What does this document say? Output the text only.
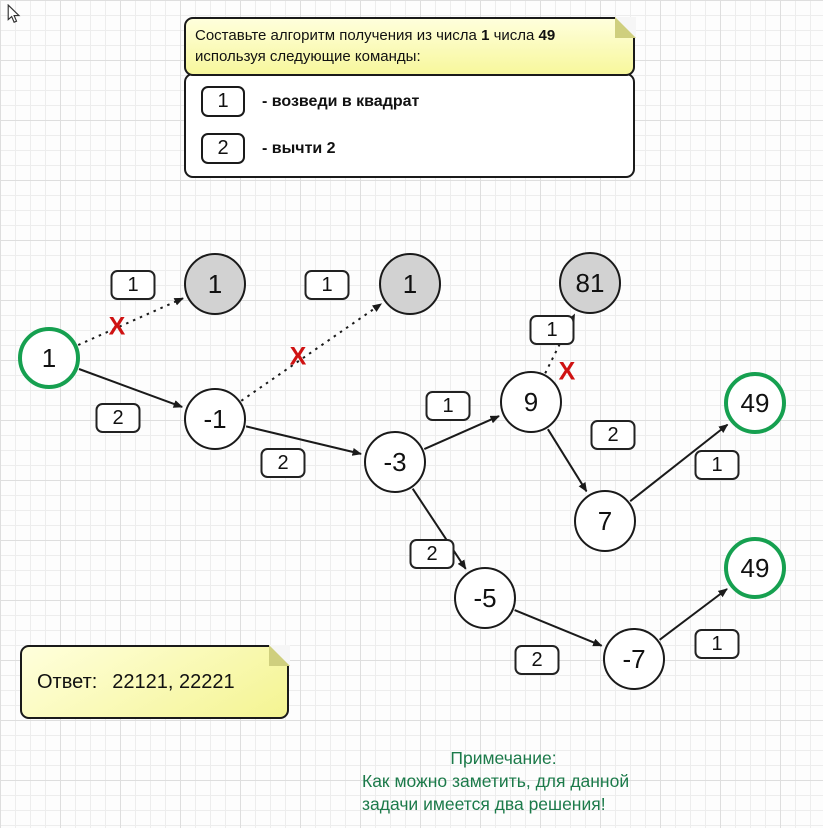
1
1
-1
1
-3
9
81
7
-5
-7
49
49
1
2
1
2
1
1
2
1
2
2
1
X
X
X
1	- возведи в квадрат
2	- вычти 2
Составьте алгоритм получения из числа 1 числа 49
используя следующие команды:
Ответ: 22121, 22221
Примечание:
Как можно заметить, для данной
задачи имеется два решения!
